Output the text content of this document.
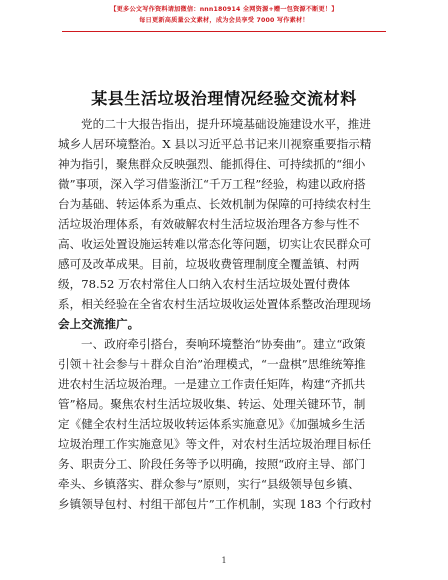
【更多公文写作资料请加微信：nnn180914 全网资源+赠一包资源不断更！】
每日更新高质量公文素材，成为会员享受 7000 写作素材！
某县生活垃圾治理情况经验交流材料
党的二十大报告指出，提升环境基础设施建设水平，推进
城乡人居环境整治。X 县以习近平总书记来川视察重要指示精
神为指引，聚焦群众反映强烈、能抓得住、可持续抓的“细小
微”事项，深入学习借鉴浙江“千万工程”经验，构建以政府搭
台为基础、转运体系为重点、长效机制为保障的可持续农村生
活垃圾治理体系，有效破解农村生活垃圾治理各方参与性不
高、收运处置设施运转难以常态化等问题，切实让农民群众可
感可及改革成果。目前，垃圾收费管理制度全覆盖镇、村两
级，78.52 万农村常住人口纳入农村生活垃圾处置付费体
系，相关经验在全省农村生活垃圾收运处置体系整改治理现场
会上交流推广。
一、政府牵引搭台，奏响环境整治“协奏曲”。建立“政策
引领＋社会参与＋群众自治”治理模式，“一盘棋”思维统筹推
进农村生活垃圾治理。一是建立工作责任矩阵，构建“齐抓共
管”格局。聚焦农村生活垃圾收集、转运、处理关键环节，制
定《健全农村生活垃圾收转运体系实施意见》《加强城乡生活
垃圾治理工作实施意见》等文件，对农村生活垃圾治理目标任
务、职责分工、阶段任务等予以明确，按照“政府主导、部门
牵头、乡镇落实、群众参与”原则，实行“县级领导包乡镇、
乡镇领导包村、村组干部包片”工作机制，实现 183 个行政村
1
